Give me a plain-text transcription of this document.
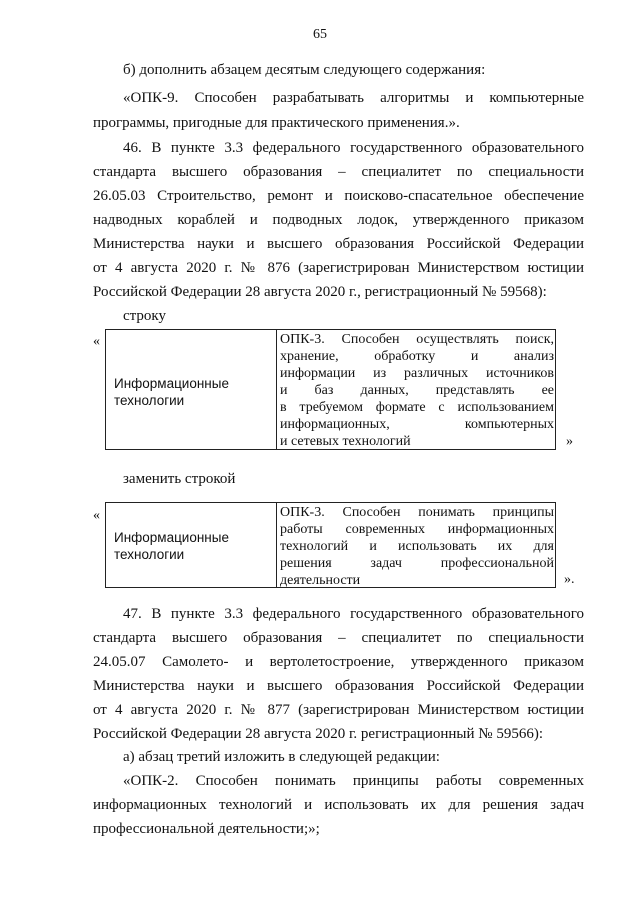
65
б) дополнить абзацем десятым следующего содержания:
«ОПК-9. Способен разрабатывать алгоритмы и компьютерные
программы, пригодные для практического применения.».
46. В пункте 3.3 федерального государственного образовательного
стандарта высшего образования – специалитет по специальности
26.05.03 Строительство, ремонт и поисково-спасательное обеспечение
надводных кораблей и подводных лодок, утвержденного приказом
Министерства науки и высшего образования Российской Федерации
от 4 августа 2020 г. № 876 (зарегистрирован Министерством юстиции
Российской Федерации 28 августа 2020 г., регистрационный № 59568):
строку
«
Информационные
технологии
ОПК-3. Способен осуществлять поиск,
хранение, обработку и анализ
информации из различных источников
и баз данных, представлять ее
в требуемом формате с использованием
информационных, компьютерных
и сетевых технологий	»
заменить строкой
«
Информационные
технологии
ОПК-3. Способен понимать принципы
работы современных информационных
технологий и использовать их для
решения задач профессиональной
деятельности	».
47. В пункте 3.3 федерального государственного образовательного
стандарта высшего образования – специалитет по специальности
24.05.07 Самолето- и вертолетостроение, утвержденного приказом
Министерства науки и высшего образования Российской Федерации
от 4 августа 2020 г. № 877 (зарегистрирован Министерством юстиции
Российской Федерации 28 августа 2020 г. регистрационный № 59566):
а) абзац третий изложить в следующей редакции:
«ОПК-2. Способен понимать принципы работы современных
информационных технологий и использовать их для решения задач
профессиональной деятельности;»;
